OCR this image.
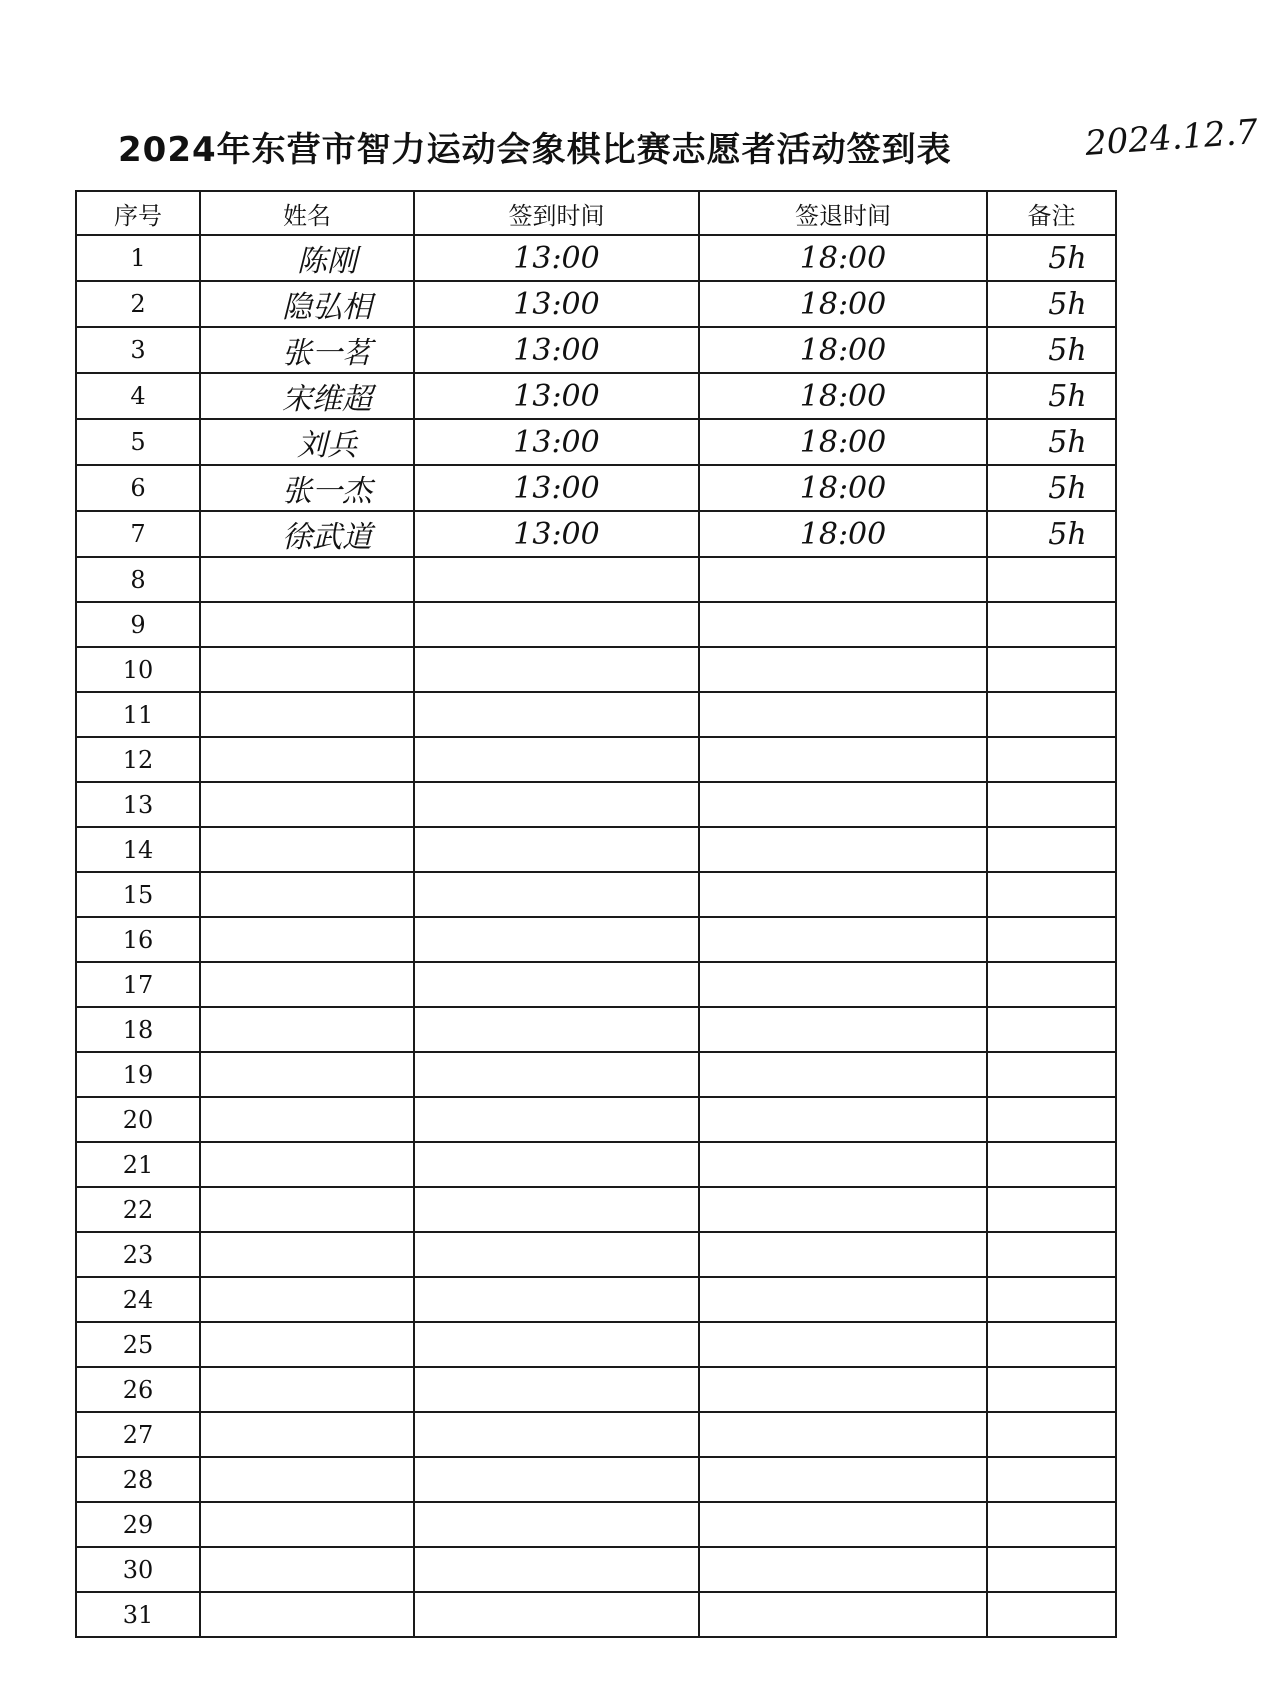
2024年东营市智力运动会象棋比赛志愿者活动签到表	2024.12.7
序号	姓名	签到时间	签退时间	备注
1	陈刚	13:00	18:00	5h
2	隐弘相	13:00	18:00	5h
3	张一茗	13:00	18:00	5h
4	宋维超	13:00	18:00	5h
5	刘兵	13:00	18:00	5h
6	张一杰	13:00	18:00	5h
7	徐武道	13:00	18:00	5h
8				
9				
10				
11				
12				
13				
14				
15				
16				
17				
18				
19				
20				
21				
22				
23				
24				
25				
26				
27				
28				
29				
30				
31				
